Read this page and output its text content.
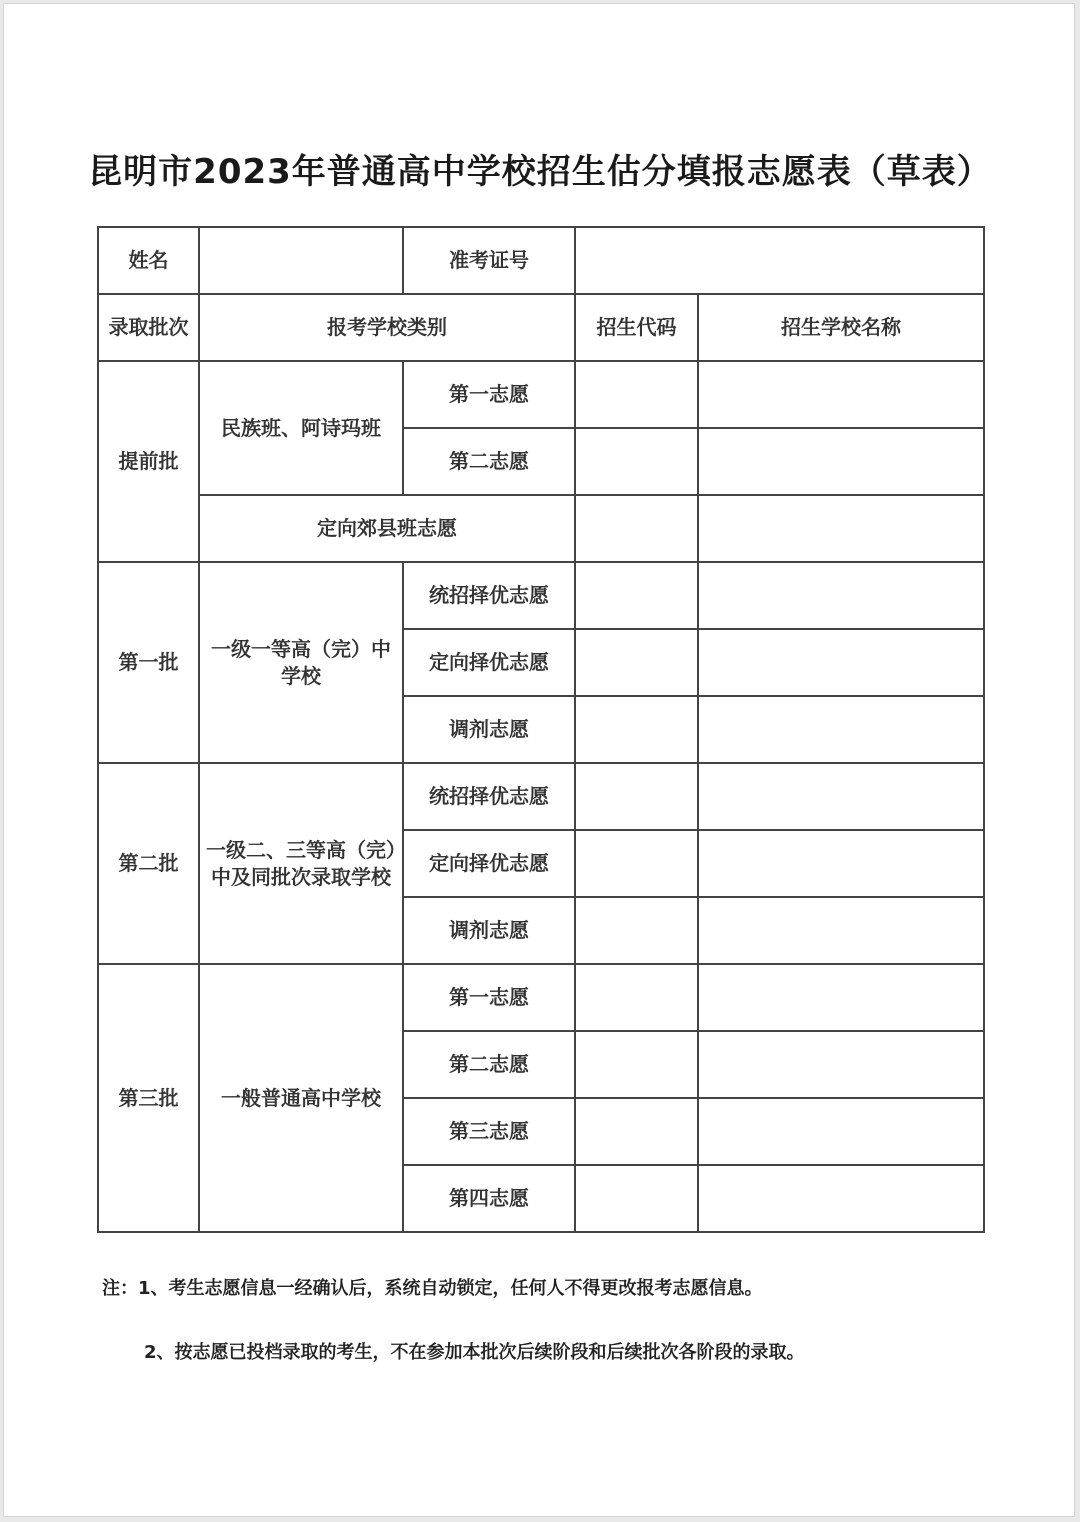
昆明市2023年普通高中学校招生估分填报志愿表（草表）
姓名		准考证号		
录取批次	报考学校类别		招生代码	招生学校名称
提前批	民族班、阿诗玛班	第一志愿		
		第二志愿		
	定向郊县班志愿			
第一批	一级一等高（完）中学校	统招择优志愿		
		定向择优志愿		
		调剂志愿		
第二批	一级二、三等高（完）中及同批次录取学校	统招择优志愿		
		定向择优志愿		
		调剂志愿		
第三批	一般普通高中学校	第一志愿		
		第二志愿		
		第三志愿		
		第四志愿		
注：1、考生志愿信息一经确认后，系统自动锁定，任何人不得更改报考志愿信息。
2、按志愿已投档录取的考生，不在参加本批次后续阶段和后续批次各阶段的录取。
